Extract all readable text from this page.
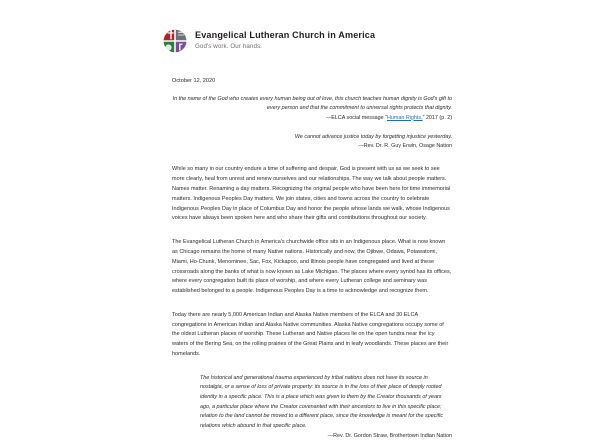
Evangelical Lutheran Church in America
God's work. Our hands.
October 12, 2020
In the name of the God who creates every human being out of love, this church teaches human dignity is God's gift to every person and that the commitment to universal rights protects that dignity.
—ELCA social message “Human Rights,” 2017 (p. 2)
We cannot advance justice today by forgetting injustice yesterday.
—Rev. Dr. R. Guy Erwin, Osage Nation

While so many in our country endure a time of suffering and despair, God is present with us as we seek to see more clearly, heal from unrest and renew ourselves and our relationships. The way we talk about people matters. Names matter. Renaming a day matters. Recognizing the original people who have been here for time immemorial matters. Indigenous Peoples Day matters. We join states, cities and towns across the country to celebrate Indigenous Peoples Day in place of Columbus Day and honor the people whose lands we walk, whose Indigenous voices have always been spoken here and who share their gifts and contributions throughout our society.

The Evangelical Lutheran Church in America's churchwide office sits in an Indigenous place. What is now known as Chicago remains the home of many Native nations. Historically and now, the Ojibwe, Odawa, Potawatomi, Miami, Ho-Chunk, Menominee, Sac, Fox, Kickapoo, and Illinois people have congregated and lived at these crossroads along the banks of what is now known as Lake Michigan. The places where every synod has its offices, where every congregation built its place of worship, and where every Lutheran college and seminary was established belonged to a people. Indigenous Peoples Day is a time to acknowledge and recognize them.

Today there are nearly 5,000 American Indian and Alaska Native members of the ELCA and 30 ELCA congregations in American Indian and Alaska Native communities. Alaska Native congregations occupy some of the oldest Lutheran places of worship. These Lutheran and Native places lie on the open tundra near the icy waters of the Bering Sea, on the rolling prairies of the Great Plains and in leafy woodlands. These places are their homelands.

The historical and generational trauma experienced by tribal nations does not have its source in nostalgia, or a sense of loss of private property: its source is in the loss of their place of deeply rooted identity in a specific place. This is a place which was given to them by the Creator thousands of years ago, a particular place where the Creator covenanted with their ancestors to live in this specific place; relation to the land cannot be moved to a different place, since the knowledge is meant for the specific relations which abound in that specific place.
—Rev. Dr. Gordon Straw, Brothertown Indian Nation
